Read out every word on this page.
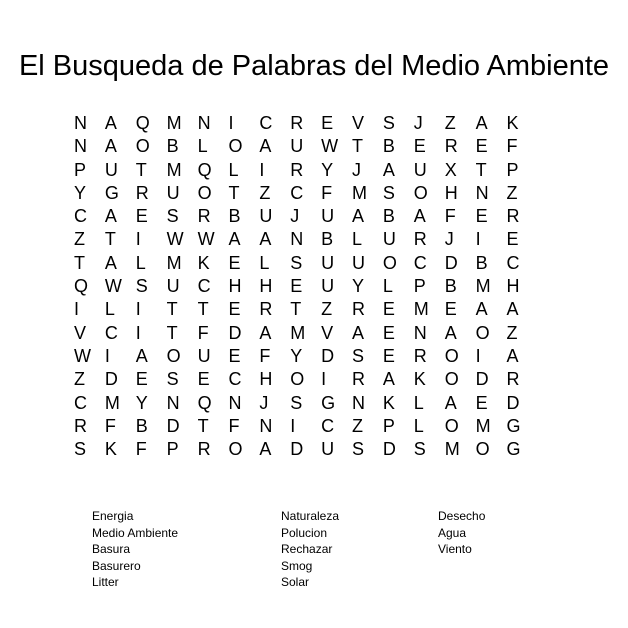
El Busqueda de Palabras del Medio Ambiente
N A	Q M N I	C R E	V	S	J	Z	A	K
N A	O B	L	O A	U W T	B	E	R E	F
P	U T	M Q L	I	R Y	J	A	U X	T	P
Y	G R U O T	Z	C F	M S	O H N Z
C A	E	S	R B	U J	U A	B	A	F	E	R
Z	T	I	W W A	A	N B	L	U R J	I	E
T	A	L	M K	E	L	S	U U O C D B	C
Q W S	U C H H E	U Y	L	P	B	M H
I	L	I	T	T	E	R T	Z	R E	M E	A	A
V	C I	T	F	D A	M V	A	E	N A	O Z
W I	A	O U E	F	Y	D S	E	R O I	A
Z	D E	S	E	C H O I	R A	K	O D R
C M Y	N Q N J	S	G N K	L	A	E	D
R F	B	D T	F	N I	C Z	P	L	O M G
S	K	F	P	R O A	D U S	D S	M O G
Energia
Medio Ambiente
Basura
Basurero
Litter
Naturaleza
Polucion
Rechazar
Smog
Solar
Desecho
Agua
Viento
